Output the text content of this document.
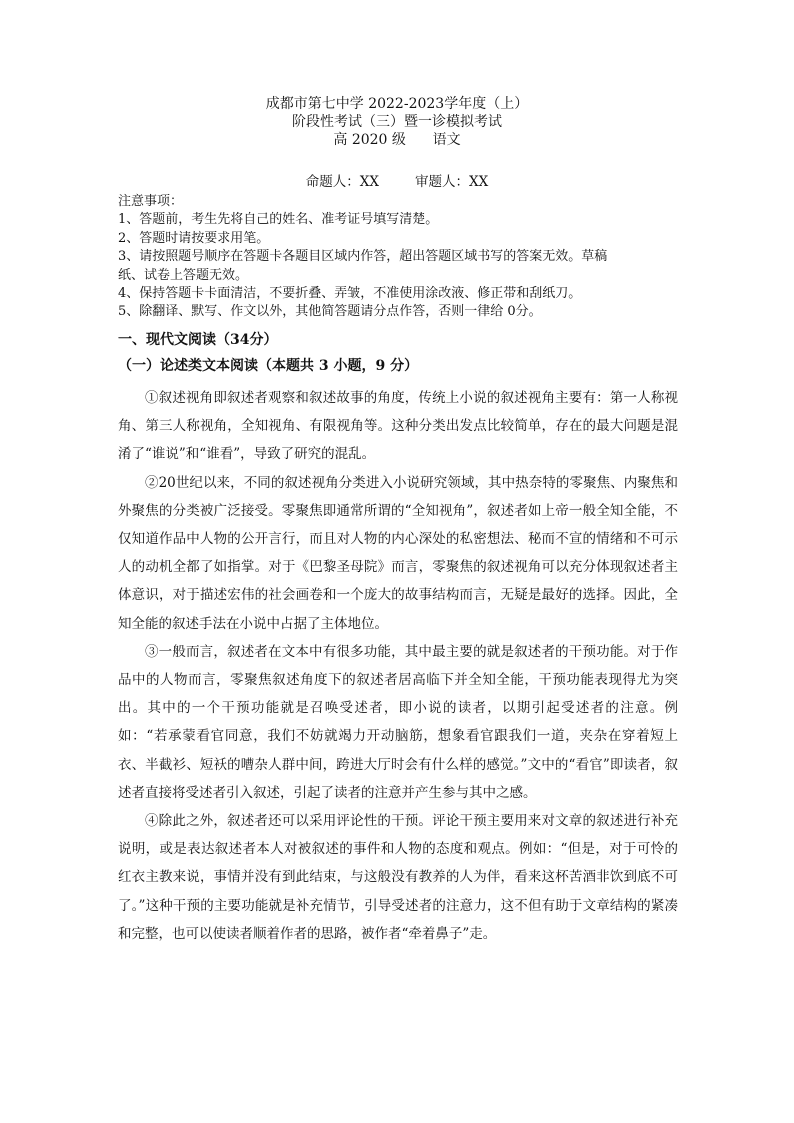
成都市第七中学 2022-2023学年度（上）
阶段性考试（三）暨一诊模拟考试
高 2020 级      语文
命题人：XX	审题人：XX
注意事项：
1、答题前，考生先将自己的姓名、准考证号填写清楚。
2、答题时请按要求用笔。
3、请按照题号顺序在答题卡各题目区域内作答，超出答题区域书写的答案无效。草稿
纸、试卷上答题无效。
4、保持答题卡卡面清洁，不要折叠、弄皱，不准使用涂改液、修正带和刮纸刀。
5、除翻译、默写、作文以外，其他简答题请分点作答，否则一律给 0分。
一、现代文阅读（34分）
（一）论述类文本阅读（本题共 3 小题，9 分）

①叙述视角即叙述者观察和叙述故事的角度，传统上小说的叙述视角主要有：第一人称视角、第三人称视角，全知视角、有限视角等。这种分类出发点比较简单，存在的最大问题是混淆了“谁说”和“谁看”，导致了研究的混乱。

②20世纪以来，不同的叙述视角分类进入小说研究领域，其中热奈特的零聚焦、内聚焦和外聚焦的分类被广泛接受。零聚焦即通常所谓的“全知视角”，叙述者如上帝一般全知全能，不仅知道作品中人物的公开言行，而且对人物的内心深处的私密想法、秘而不宣的情绪和不可示人的动机全都了如指掌。对于《巴黎圣母院》而言，零聚焦的叙述视角可以充分体现叙述者主体意识，对于描述宏伟的社会画卷和一个庞大的故事结构而言，无疑是最好的选择。因此，全知全能的叙述手法在小说中占据了主体地位。

③一般而言，叙述者在文本中有很多功能，其中最主要的就是叙述者的干预功能。对于作品中的人物而言，零聚焦叙述角度下的叙述者居高临下并全知全能，干预功能表现得尤为突出。其中的一个干预功能就是召唤受述者，即小说的读者，以期引起受述者的注意。例如：“若承蒙看官同意，我们不妨就竭力开动脑筋，想象看官跟我们一道，夹杂在穿着短上衣、半截衫、短袄的嘈杂人群中间，跨进大厅时会有什么样的感觉。”文中的“看官”即读者，叙述者直接将受述者引入叙述，引起了读者的注意并产生参与其中之感。

④除此之外，叙述者还可以采用评论性的干预。评论干预主要用来对文章的叙述进行补充说明，或是表达叙述者本人对被叙述的事件和人物的态度和观点。例如：“但是，对于可怜的红衣主教来说，事情并没有到此结束，与这般没有教养的人为伴，看来这杯苦酒非饮到底不可了。”这种干预的主要功能就是补充情节，引导受述者的注意力，这不但有助于文章结构的紧凑和完整，也可以使读者顺着作者的思路，被作者“牵着鼻子”走。
